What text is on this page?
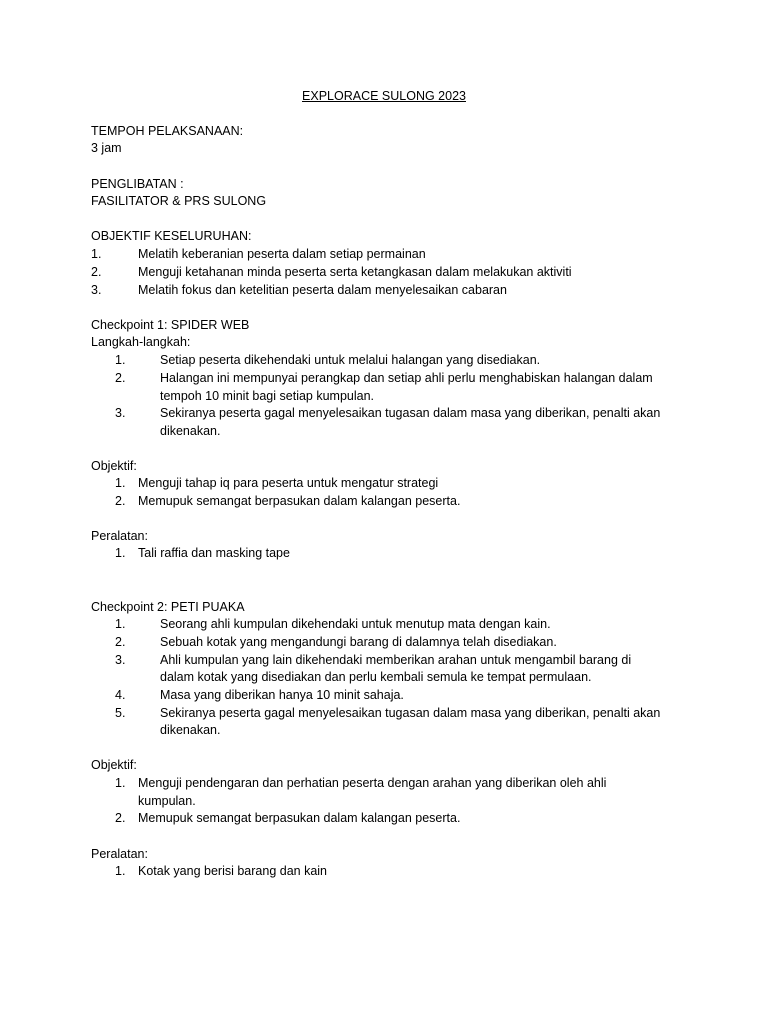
EXPLORACE SULONG 2023
TEMPOH PELAKSANAAN:
3 jam
PENGLIBATAN :
FASILITATOR & PRS SULONG
OBJEKTIF KESELURUHAN:
1.	Melatih keberanian peserta dalam setiap permainan
2.	Menguji ketahanan minda peserta serta ketangkasan dalam melakukan aktiviti
3.	Melatih fokus dan ketelitian peserta dalam menyelesaikan cabaran
Checkpoint 1: SPIDER WEB
Langkah-langkah:
1.	Setiap peserta dikehendaki untuk melalui halangan yang disediakan.
2.	Halangan ini mempunyai perangkap dan setiap ahli perlu menghabiskan halangan dalam
tempoh 10 minit bagi setiap kumpulan.
3.	Sekiranya peserta gagal menyelesaikan tugasan dalam masa yang diberikan, penalti akan
dikenakan.
Objektif:
1. Menguji tahap iq para peserta untuk mengatur strategi
2. Memupuk semangat berpasukan dalam kalangan peserta.
Peralatan:
1. Tali raffia dan masking tape
Checkpoint 2: PETI PUAKA
1.	Seorang ahli kumpulan dikehendaki untuk menutup mata dengan kain.
2.	Sebuah kotak yang mengandungi barang di dalamnya telah disediakan.
3.	Ahli kumpulan yang lain dikehendaki memberikan arahan untuk mengambil barang di
dalam kotak yang disediakan dan perlu kembali semula ke tempat permulaan.
4.	Masa yang diberikan hanya 10 minit sahaja.
5.	Sekiranya peserta gagal menyelesaikan tugasan dalam masa yang diberikan, penalti akan
dikenakan.
Objektif:
1. Menguji pendengaran dan perhatian peserta dengan arahan yang diberikan oleh ahli
kumpulan.
2. Memupuk semangat berpasukan dalam kalangan peserta.
Peralatan:
1. Kotak yang berisi barang dan kain
